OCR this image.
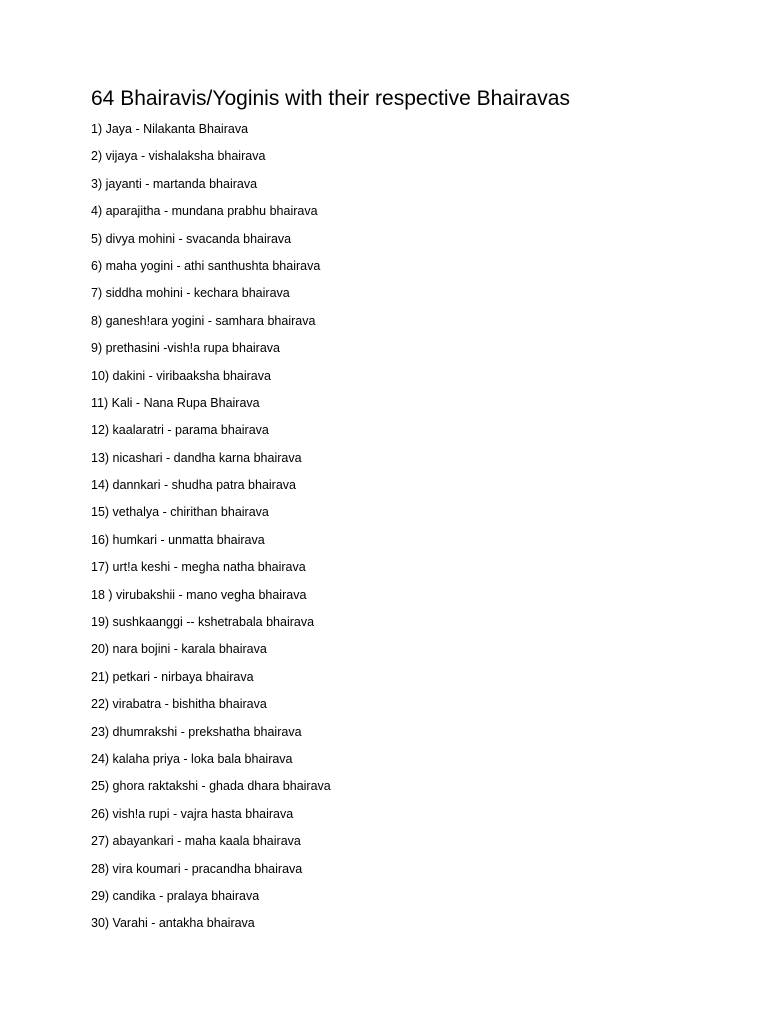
64 Bhairavis/Yoginis with their respective Bhairavas
1) Jaya - Nilakanta Bhairava
2) vijaya - vishalaksha bhairava
3) jayanti - martanda bhairava
4) aparajitha - mundana prabhu bhairava
5) divya mohini - svacanda bhairava
6) maha yogini - athi santhushta bhairava
7) siddha mohini - kechara bhairava
8) ganesh!ara yogini - samhara bhairava
9) prethasini -vish!a rupa bhairava
10) dakini - viribaaksha bhairava
11) Kali - Nana Rupa Bhairava
12) kaalaratri - parama bhairava
13) nicashari - dandha karna bhairava
14) dannkari - shudha patra bhairava
15) vethalya - chirithan bhairava
16) humkari - unmatta bhairava
17) urt!a keshi - megha natha bhairava
18 ) virubakshii - mano vegha bhairava
19) sushkaanggi -- kshetrabala bhairava
20) nara bojini - karala bhairava
21) petkari - nirbaya bhairava
22) virabatra - bishitha bhairava
23) dhumrakshi - prekshatha bhairava
24) kalaha priya - loka bala bhairava
25) ghora raktakshi - ghada dhara bhairava
26) vish!a rupi - vajra hasta bhairava
27) abayankari - maha kaala bhairava
28) vira koumari - pracandha bhairava
29) candika - pralaya bhairava
30) Varahi - antakha bhairava
